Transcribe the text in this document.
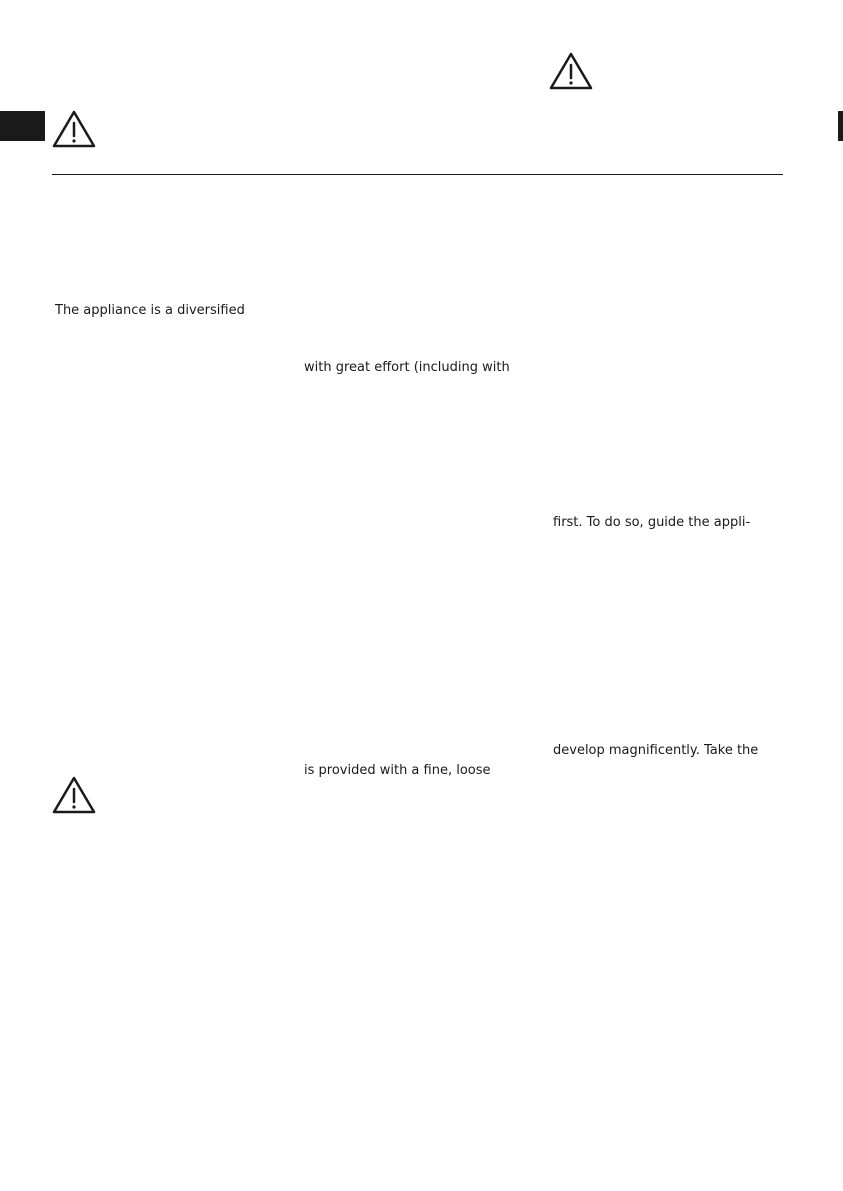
The appliance is a diversified
with great effort (including with
first. To do so, guide the appli-
develop magnificently. Take the
is provided with a fine, loose
